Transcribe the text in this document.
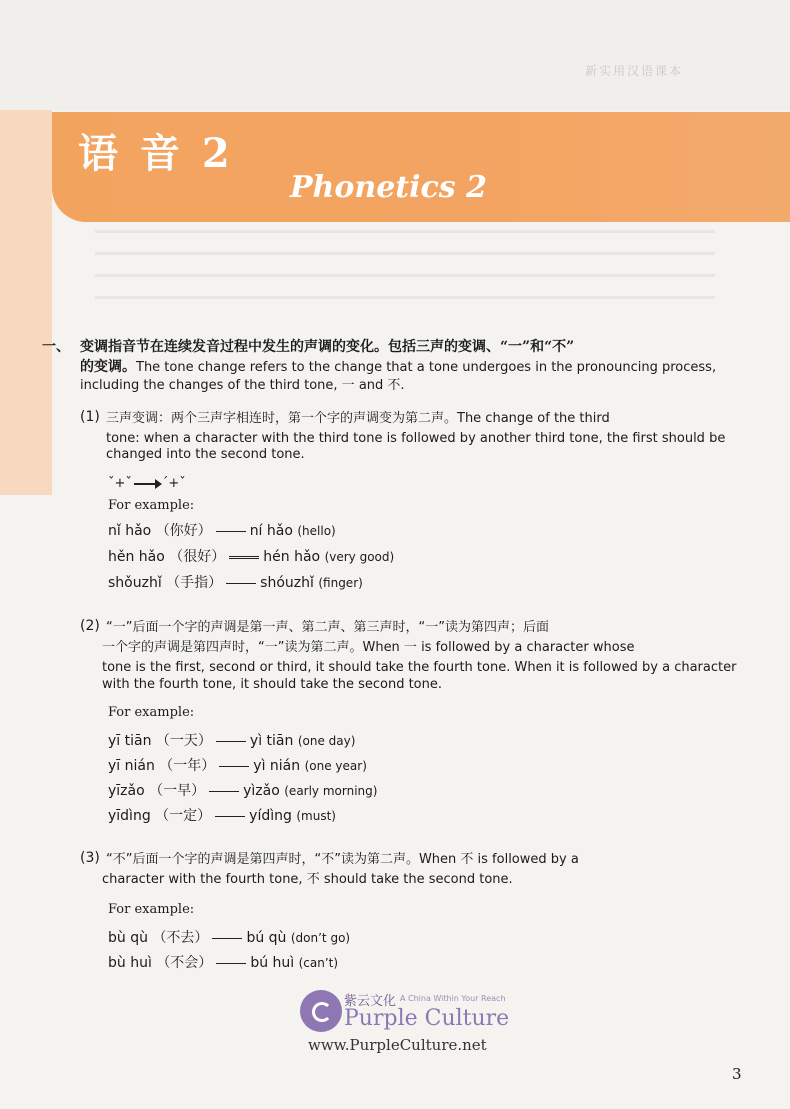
新实用汉语课本
语 音 2
Phonetics 2
一、 变调指音节在连续发音过程中发生的声调的变化。包括三声的变调、“一”和“不”
的变调。The tone change refers to the change that a tone undergoes in the pronouncing process,
including the changes of the third tone, 一 and 不.
(1) 三声变调：两个三声字相连时，第一个字的声调变为第二声。The change of the third
tone: when a character with the third tone is followed by another third tone, the first should be
changed into the second tone.
ˇ+ˇ ˊ+ˇ
For example:
nǐ hǎo （你好）	ní hǎo (hello)
hěn hǎo （很好）	hén hǎo (very good)
shǒuzhǐ （手指）	shóuzhǐ (finger)
(2) “一”后面一个字的声调是第一声、第二声、第三声时，“一”读为第四声；后面
一个字的声调是第四声时，“一”读为第二声。When 一 is followed by a character whose
tone is the first, second or third, it should take the fourth tone. When it is followed by a character
with the fourth tone, it should take the second tone.
For example:
yī tiān （一天）	yì tiān (one day)
yī nián （一年）	yì nián (one year)
yīzǎo （一早）	yìzǎo (early morning)
yīdìng （一定）	yídìng (must)
(3) “不”后面一个字的声调是第四声时，“不”读为第二声。When 不 is followed by a
character with the fourth tone, 不 should take the second tone.
For example:
bù qù （不去）	bú qù (don’t go)
bù huì （不会）	bú huì (can’t)
紫云文化 A China Within Your Reach
Purple Culture
www.PurpleCulture.net
3
